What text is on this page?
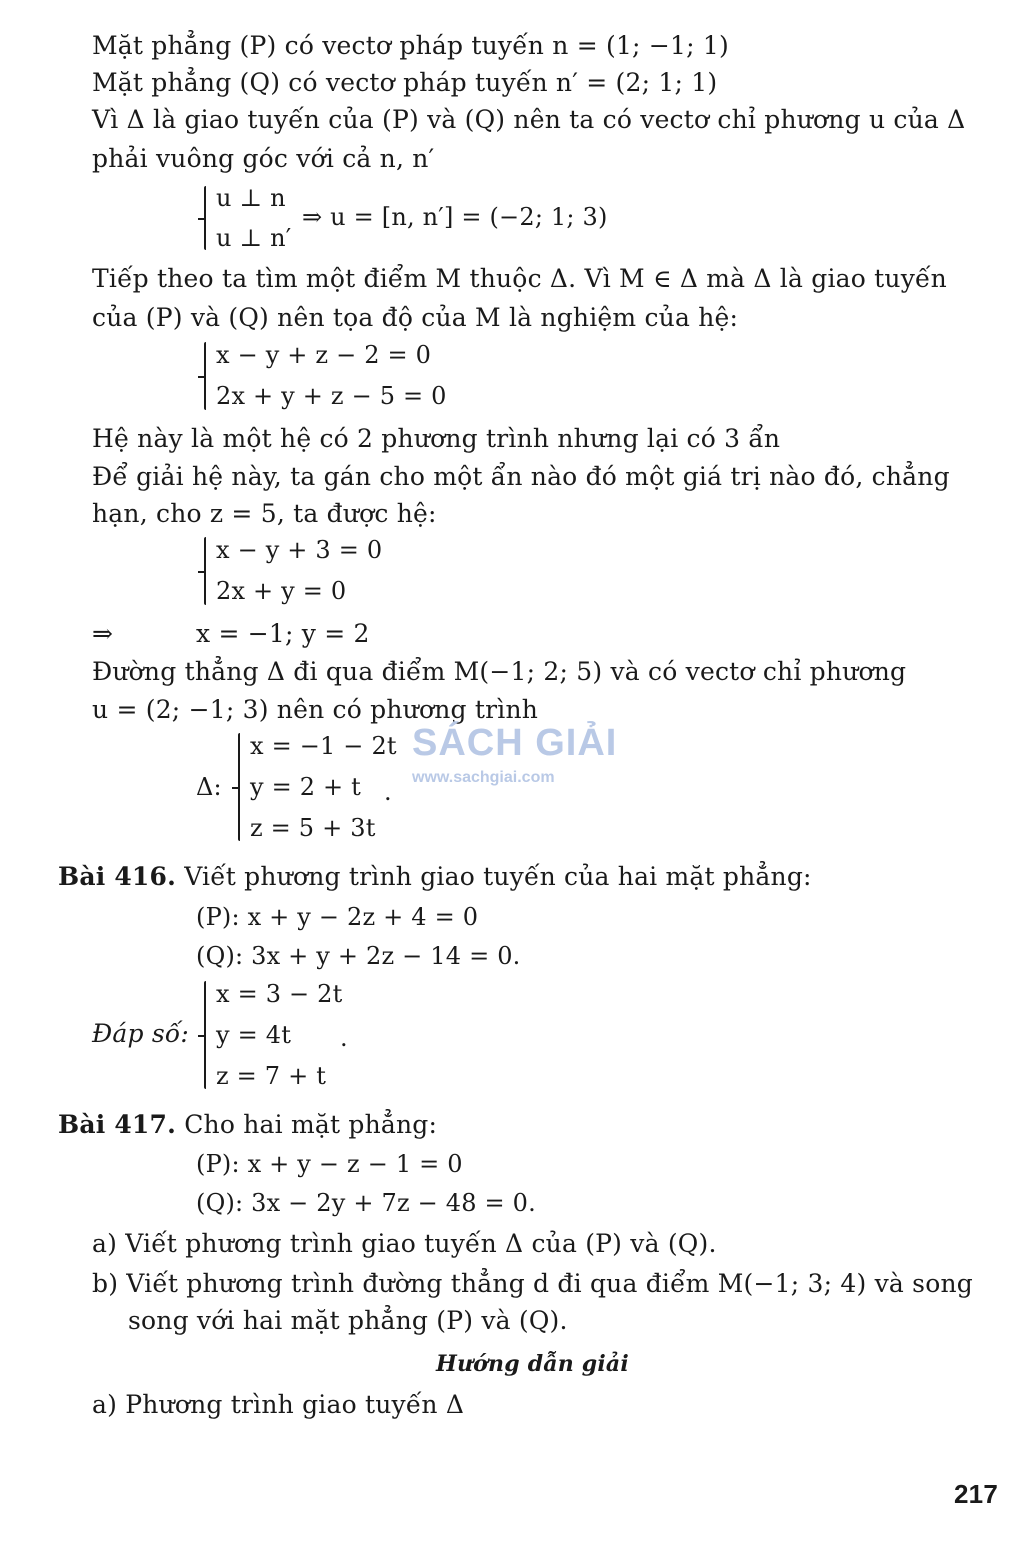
Mặt phẳng (P) có vectơ pháp tuyến n = (1; −1; 1)
Mặt phẳng (Q) có vectơ pháp tuyến n′ = (2; 1; 1)
Vì Δ là giao tuyến của (P) và (Q) nên ta có vectơ chỉ phương u của Δ
phải vuông góc với cả n, n′
u ⊥ n
u ⊥ n′
⇒ u = [n, n′] = (−2; 1; 3)
Tiếp theo ta tìm một điểm M thuộc Δ. Vì M ∈ Δ mà Δ là giao tuyến
của (P) và (Q) nên tọa độ của M là nghiệm của hệ:
x − y + z − 2 = 0
2x + y + z − 5 = 0
Hệ này là một hệ có 2 phương trình nhưng lại có 3 ẩn
Để giải hệ này, ta gán cho một ẩn nào đó một giá trị nào đó, chẳng
hạn, cho z = 5, ta được hệ:
x − y + 3 = 0
2x + y = 0
⇒	x = −1; y = 2
Đường thẳng Δ đi qua điểm M(−1; 2; 5) và có vectơ chỉ phương
u = (2; −1; 3) nên có phương trình
Δ:
x = −1 − 2t
y = 2 + t
z = 5 + 3t
.
SÁCH GIẢI
www.sachgiai.com
Bài 416. Viết phương trình giao tuyến của hai mặt phẳng:
(P): x + y − 2z + 4 = 0
(Q): 3x + y + 2z − 14 = 0.
Đáp số:
x = 3 − 2t
y = 4t
z = 7 + t
.
Bài 417. Cho hai mặt phẳng:
(P): x + y − z − 1 = 0
(Q): 3x − 2y + 7z − 48 = 0.
a) Viết phương trình giao tuyến Δ của (P) và (Q).
b) Viết phương trình đường thẳng d đi qua điểm M(−1; 3; 4) và song
song với hai mặt phẳng (P) và (Q).
Hướng dẫn giải
a) Phương trình giao tuyến Δ
217
